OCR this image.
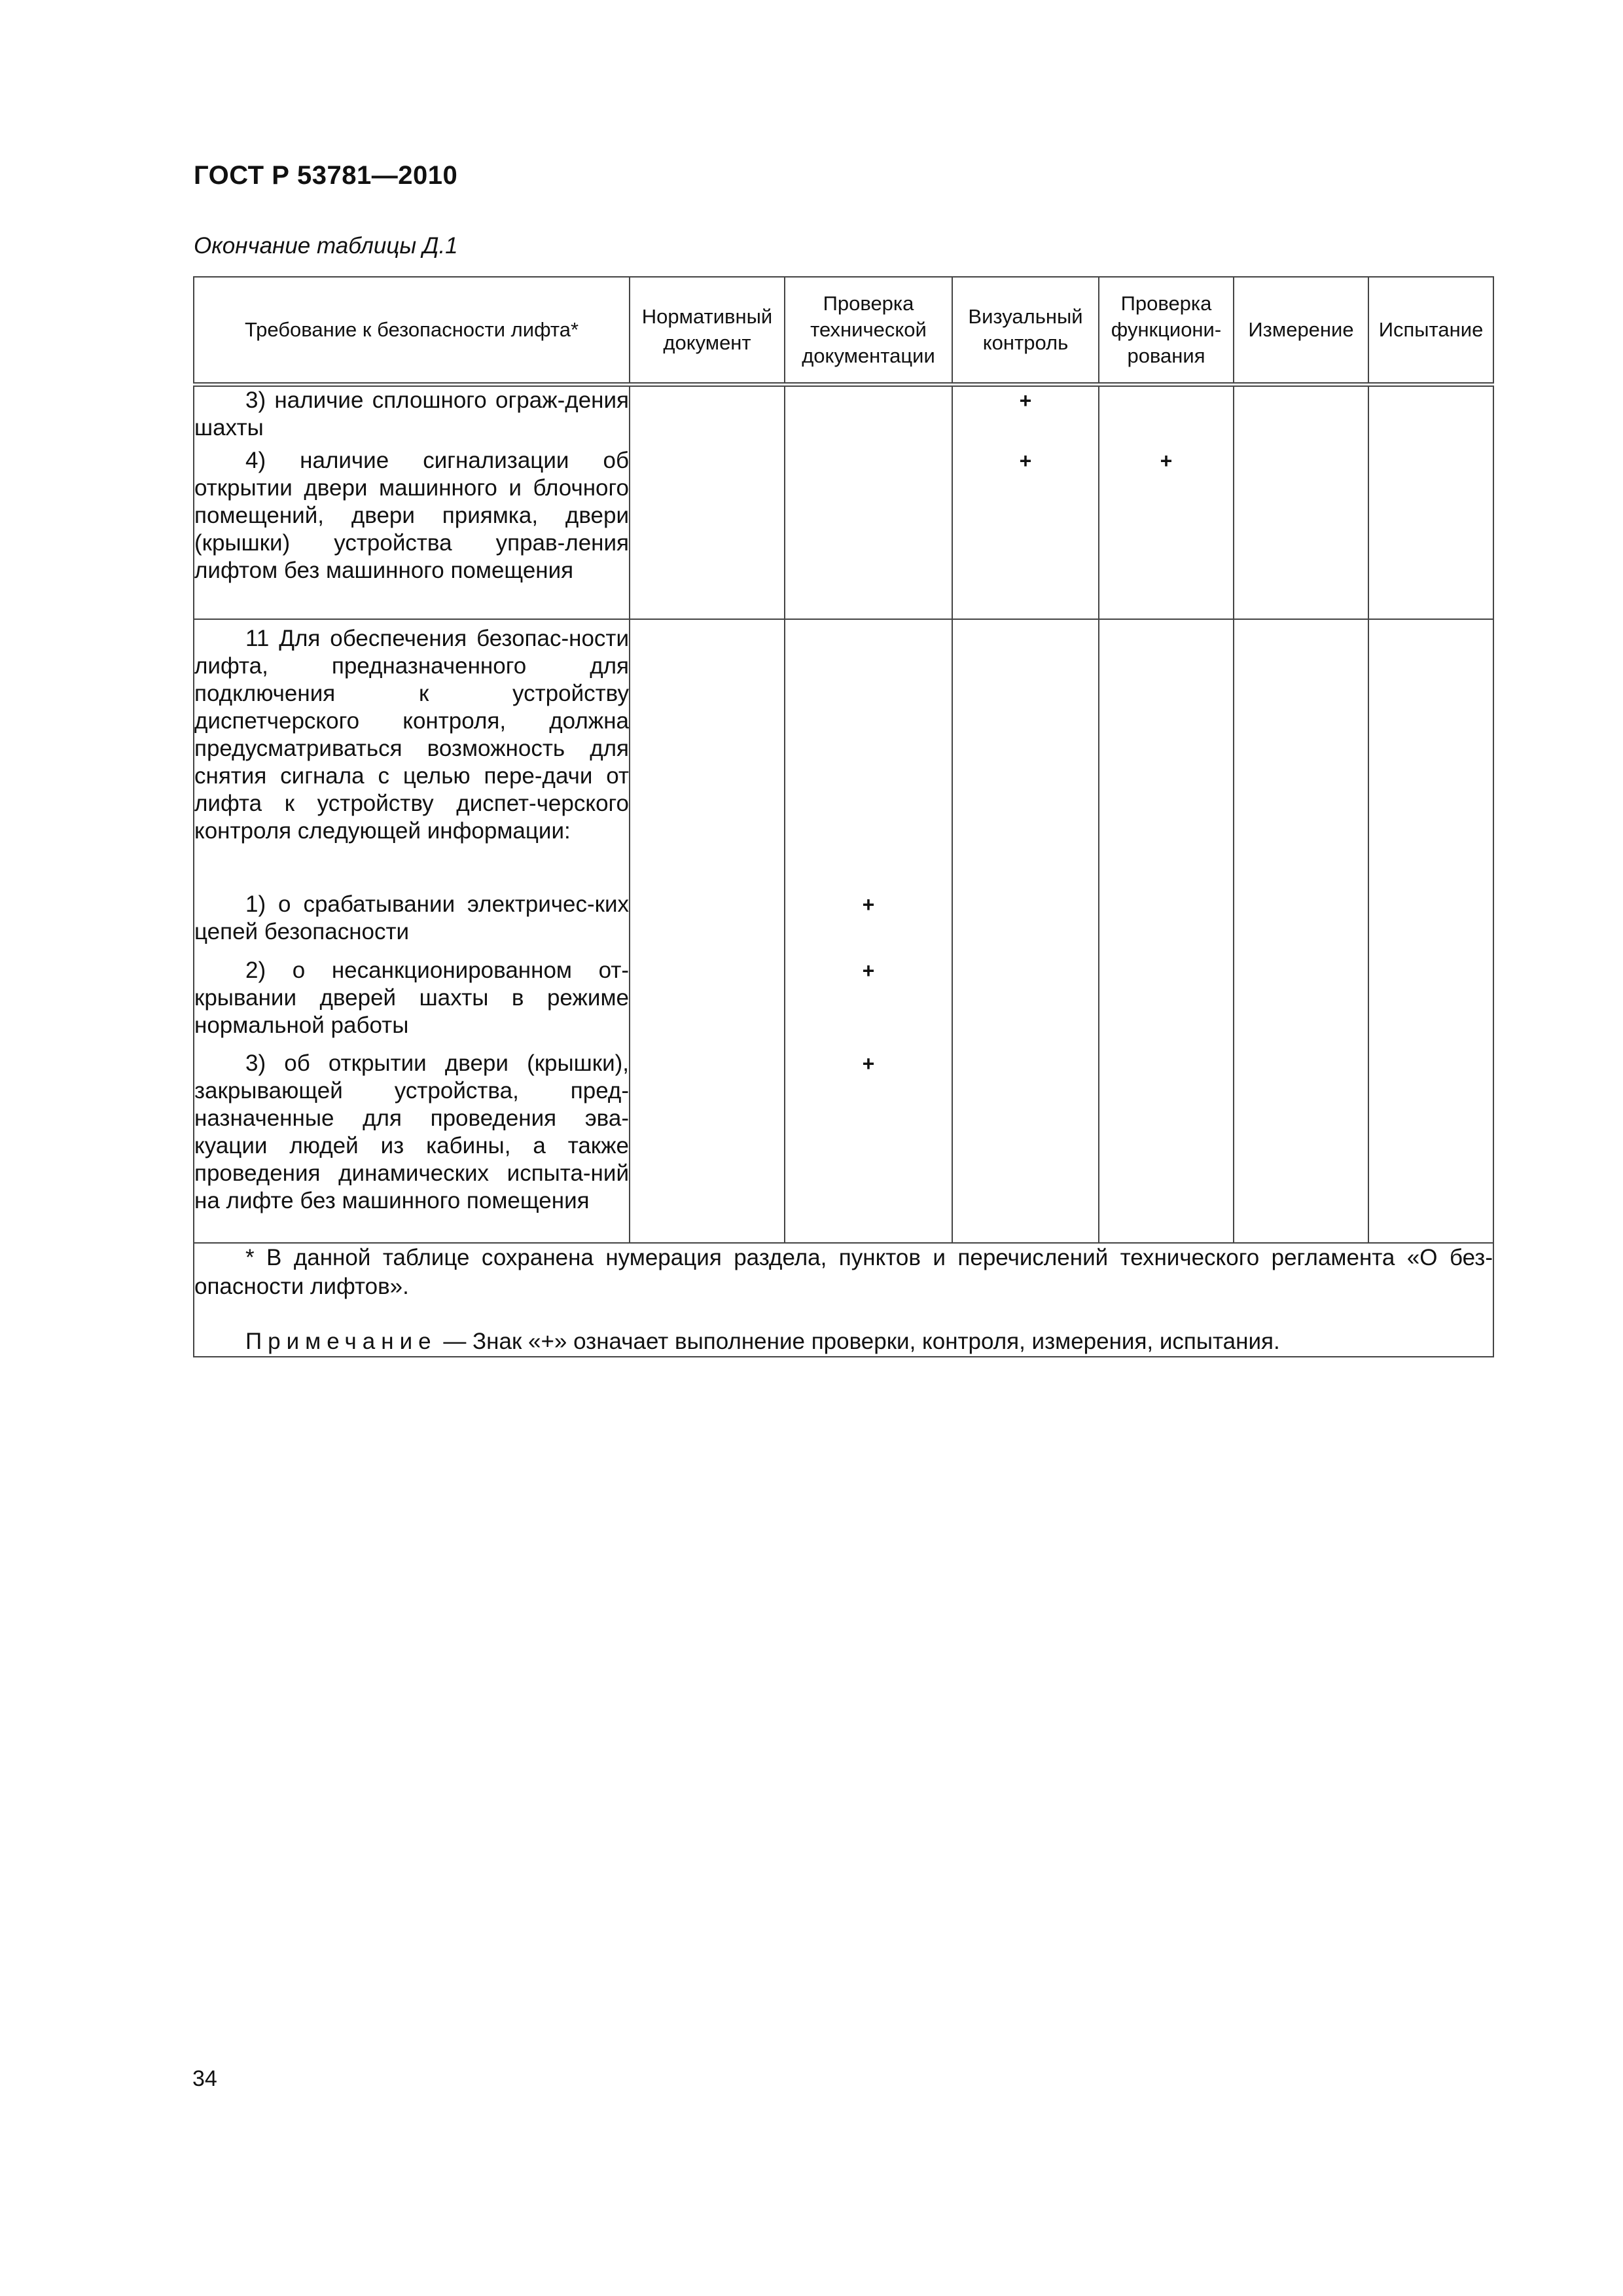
ГОСТ Р 53781—2010
Окончание таблицы Д.1
Требование к безопасности лифта*	Нормативный документ	Проверка технической документации	Визуальный контроль	Проверка функциони-рования	Измерение	Испытание

3) наличие сплошного ограж-дения шахты			+			

4) наличие сигнализации об открытии двери машинного и блочного помещений, двери приямка, двери (крышки) устройства управ-ления лифтом без машинного помещения			+	+		

11 Для обеспечения безопас-ности лифта, предназначенного для подключения к устройству диспетчерского контроля, должна предусматриваться возможность для снятия сигнала с целью пере-дачи от лифта к устройству диспет-черского контроля следующей информации:						

1) о срабатывании электричес-ких цепей безопасности		+				

2) о несанкционированном от-крывании дверей шахты в режиме нормальной работы		+				

3) об открытии двери (крышки), закрывающей устройства, пред-назначенные для проведения эва-куации людей из кабины, а также проведения динамических испыта-ний на лифте без машинного помещения		+				

* В данной таблице сохранена нумерация раздела, пунктов и перечислений технического регламента «О без-опасности лифтов».
Примечание — Знак «+» означает выполнение проверки, контроля, измерения, испытания.						
34
